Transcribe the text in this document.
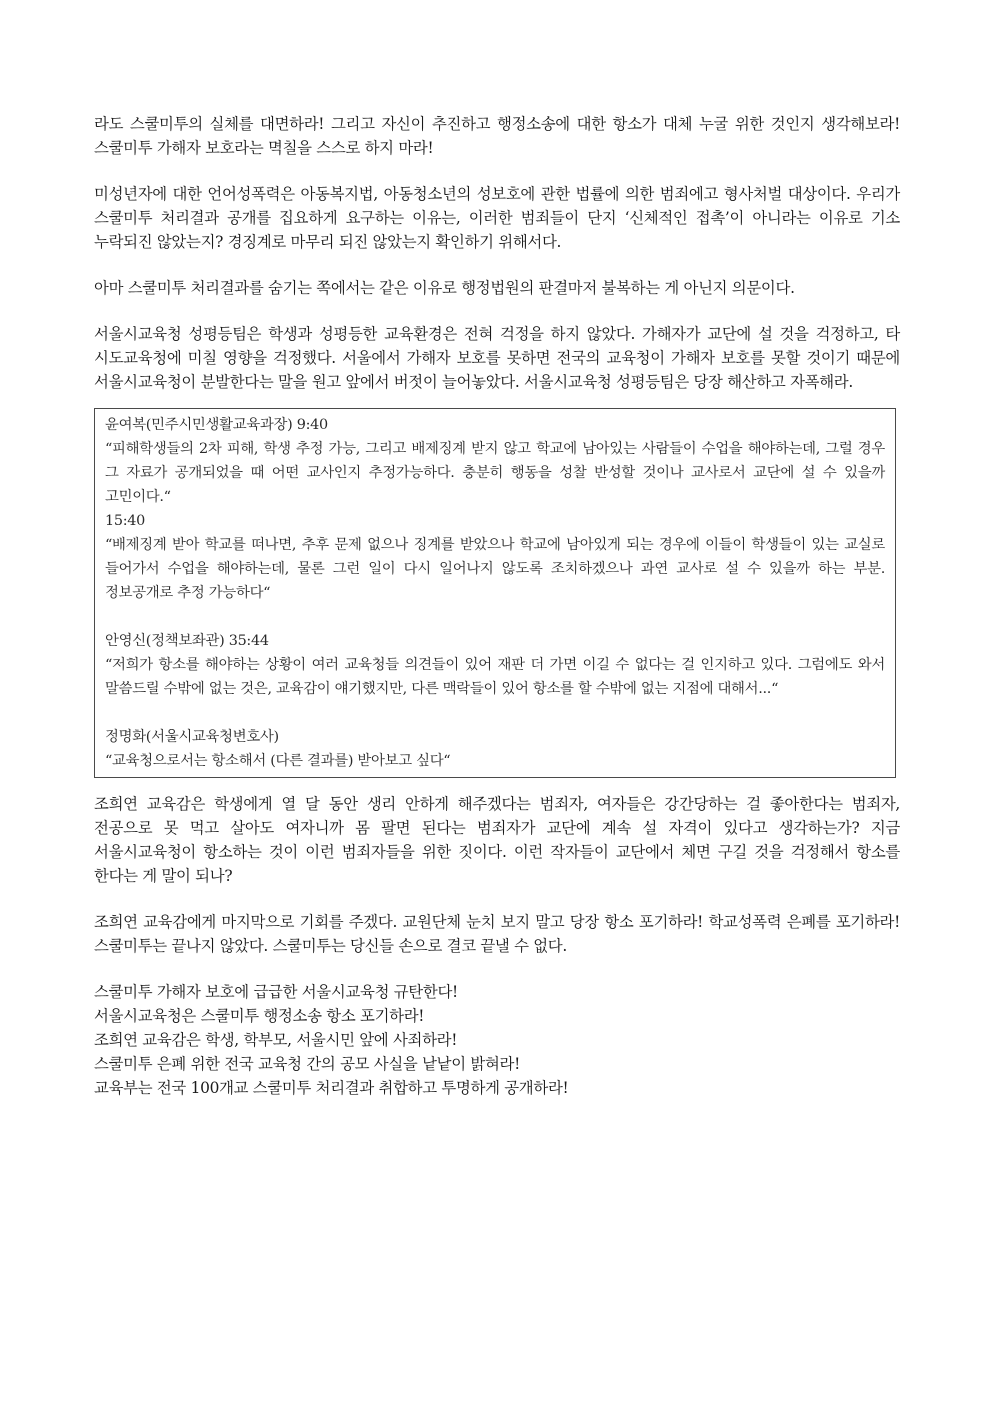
라도 스쿨미투의 실체를 대면하라! 그리고 자신이 추진하고 행정소송에 대한 항소가 대체 누굴 위한 것인지 생각해보라! 스쿨미투 가해자 보호라는 멱칠을 스스로 하지 마라!

미성년자에 대한 언어성폭력은 아동복지법, 아동청소년의 성보호에 관한 법률에 의한 범죄에고 형사처벌 대상이다. 우리가 스쿨미투 처리결과 공개를 집요하게 요구하는 이유는, 이러한 범죄들이 단지 ‘신체적인 접촉’이 아니라는 이유로 기소 누락되진 않았는지? 경징계로 마무리 되진 않았는지 확인하기 위해서다.

아마 스쿨미투 처리결과를 숨기는 쪽에서는 같은 이유로 행정법원의 판결마저 불복하는 게 아닌지 의문이다.

서울시교육청 성평등팀은 학생과 성평등한 교육환경은 전혀 걱정을 하지 않았다. 가해자가 교단에 설 것을 걱정하고, 타 시도교육청에 미칠 영향을 걱정했다. 서울에서 가해자 보호를 못하면 전국의 교육청이 가해자 보호를 못할 것이기 때문에 서울시교육청이 분발한다는 말을 원고 앞에서 버젓이 늘어놓았다. 서울시교육청 성평등팀은 당장 해산하고 자폭해라.

윤여복(민주시민생활교육과장) 9:40

“피해학생들의 2차 피해, 학생 추정 가능, 그리고 배제징계 받지 않고 학교에 남아있는 사람들이 수업을 해야하는데, 그럴 경우 그 자료가 공개되었을 때 어떤 교사인지 추정가능하다. 충분히 행동을 성찰 반성할 것이나 교사로서 교단에 설 수 있을까 고민이다.“

15:40

“배제징계 받아 학교를 떠나면, 추후 문제 없으나 징계를 받았으나 학교에 남아있게 되는 경우에 이들이 학생들이 있는 교실로 들어가서 수업을 해야하는데, 물론 그런 일이 다시 일어나지 않도록 조치하겠으나 과연 교사로 설 수 있을까 하는 부분. 정보공개로 추정 가능하다“

안영신(정책보좌관) 35:44

“저희가 항소를 해야하는 상황이 여러 교육청들 의견들이 있어 재판 더 가면 이길 수 없다는 걸 인지하고 있다. 그럼에도 와서 말씀드릴 수밖에 없는 것은, 교육감이 얘기했지만, 다른 맥락들이 있어 항소를 할 수밖에 없는 지점에 대해서...“

정명화(서울시교육청변호사)

“교육청으로서는 항소해서 (다른 결과를) 받아보고 싶다“

조희연 교육감은 학생에게 열 달 동안 생리 안하게 해주겠다는 범죄자, 여자들은 강간당하는 걸 좋아한다는 범죄자, 전공으로 못 먹고 살아도 여자니까 몸 팔면 된다는 범죄자가 교단에 계속 설 자격이 있다고 생각하는가? 지금 서울시교육청이 항소하는 것이 이런 범죄자들을 위한 짓이다. 이런 작자들이 교단에서 체면 구길 것을 걱정해서 항소를 한다는 게 말이 되나?

조희연 교육감에게 마지막으로 기회를 주겠다. 교원단체 눈치 보지 말고 당장 항소 포기하라! 학교성폭력 은폐를 포기하라! 스쿨미투는 끝나지 않았다. 스쿨미투는 당신들 손으로 결코 끝낼 수 없다.

스쿨미투 가해자 보호에 급급한 서울시교육청 규탄한다!

서울시교육청은 스쿨미투 행정소송 항소 포기하라!

조희연 교육감은 학생, 학부모, 서울시민 앞에 사죄하라!

스쿨미투 은폐 위한 전국 교육청 간의 공모 사실을 낱낱이 밝혀라!

교육부는 전국 100개교 스쿨미투 처리결과 취합하고 투명하게 공개하라!
